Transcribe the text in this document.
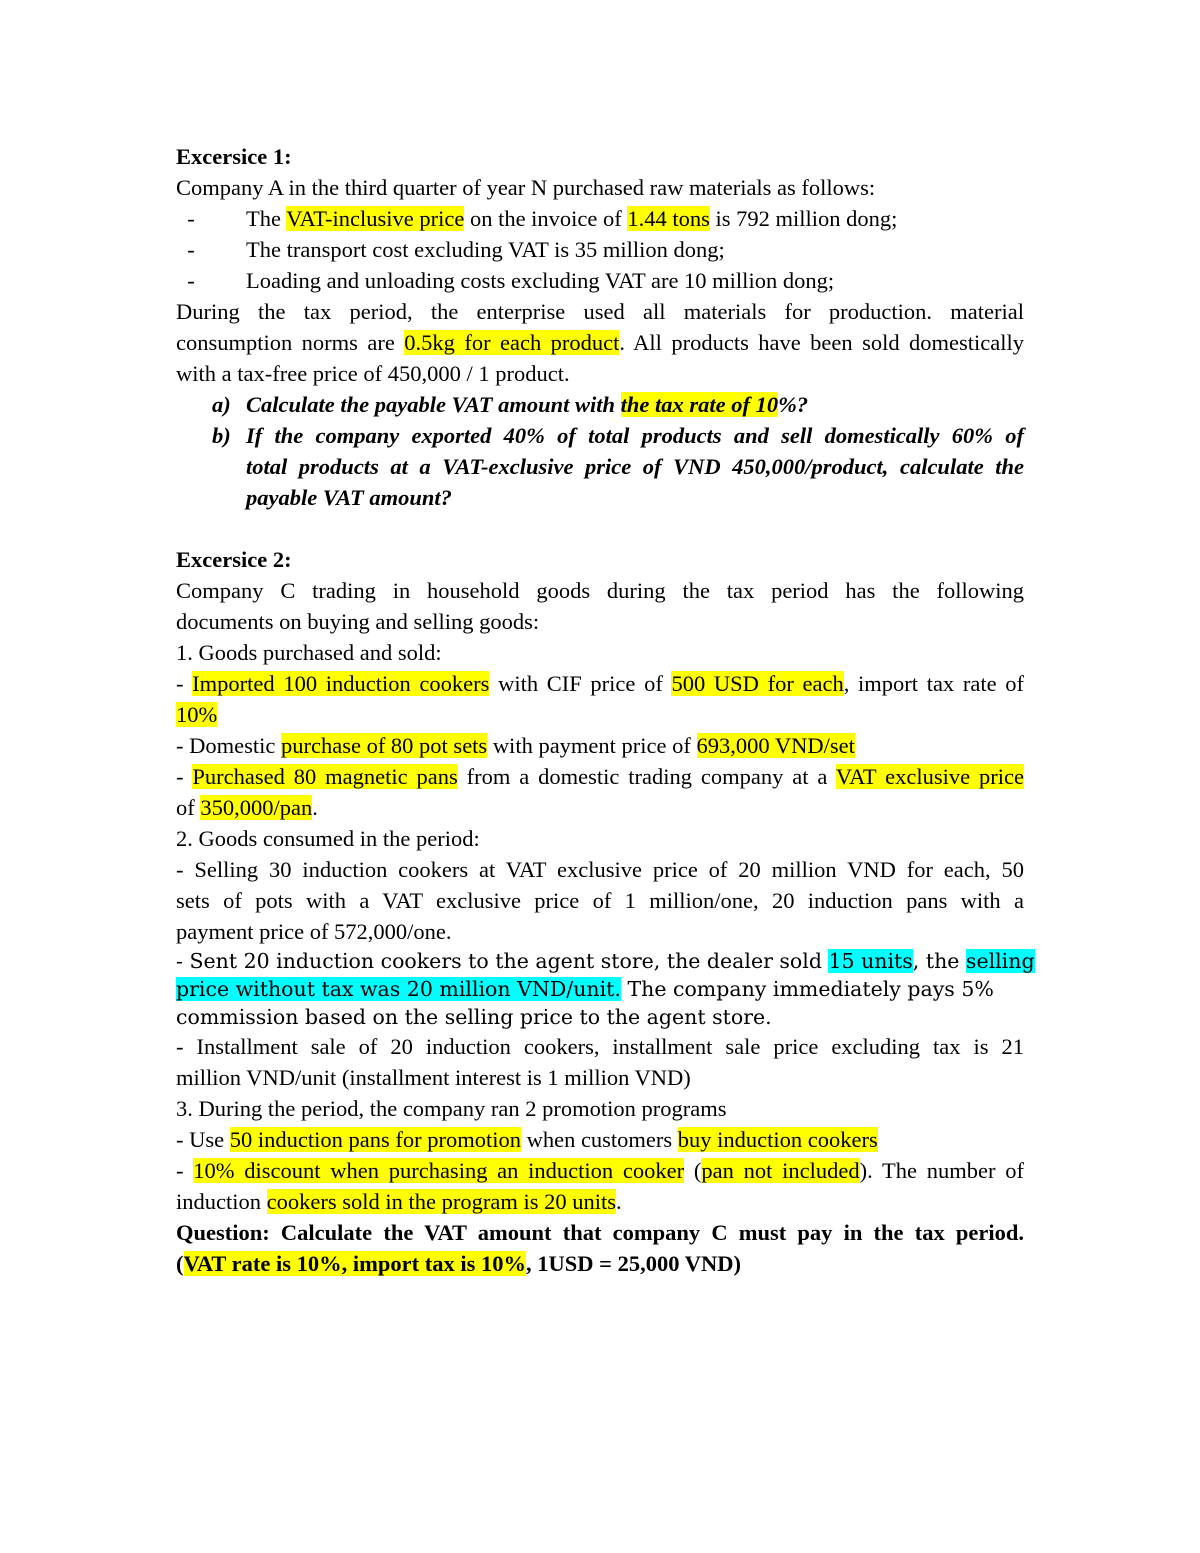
Excersice 1:
Company A in the third quarter of year N purchased raw materials as follows:
-	The VAT-inclusive price on the invoice of 1.44 tons is 792 million dong;
-	The transport cost excluding VAT is 35 million dong;
-	Loading and unloading costs excluding VAT are 10 million dong;
During the tax period, the enterprise used all materials for production. material
consumption norms are 0.5kg for each product. All products have been sold domestically
with a tax-free price of 450,000 / 1 product.
a) Calculate the payable VAT amount with the tax rate of 10%?
b) If the company exported 40% of total products and sell domestically 60% of
total products at a VAT-exclusive price of VND 450,000/product, calculate the
payable VAT amount?
Excersice 2:
Company C trading in household goods during the tax period has the following
documents on buying and selling goods:
1. Goods purchased and sold:
- Imported 100 induction cookers with CIF price of 500 USD for each, import tax rate of
10%
- Domestic purchase of 80 pot sets with payment price of 693,000 VND/set
- Purchased 80 magnetic pans from a domestic trading company at a VAT exclusive price
of 350,000/pan.
2. Goods consumed in the period:
- Selling 30 induction cookers at VAT exclusive price of 20 million VND for each, 50
sets of pots with a VAT exclusive price of 1 million/one, 20 induction pans with a
payment price of 572,000/one.
- Sent 20 induction cookers to the agent store, the dealer sold 15 units, the selling
price without tax was 20 million VND/unit. The company immediately pays 5%
commission based on the selling price to the agent store.
- Installment sale of 20 induction cookers, installment sale price excluding tax is 21
million VND/unit (installment interest is 1 million VND)
3. During the period, the company ran 2 promotion programs
- Use 50 induction pans for promotion when customers buy induction cookers
- 10% discount when purchasing an induction cooker (pan not included). The number of
induction cookers sold in the program is 20 units.
Question: Calculate the VAT amount that company C must pay in the tax period.
(VAT rate is 10%, import tax is 10%, 1USD = 25,000 VND)
